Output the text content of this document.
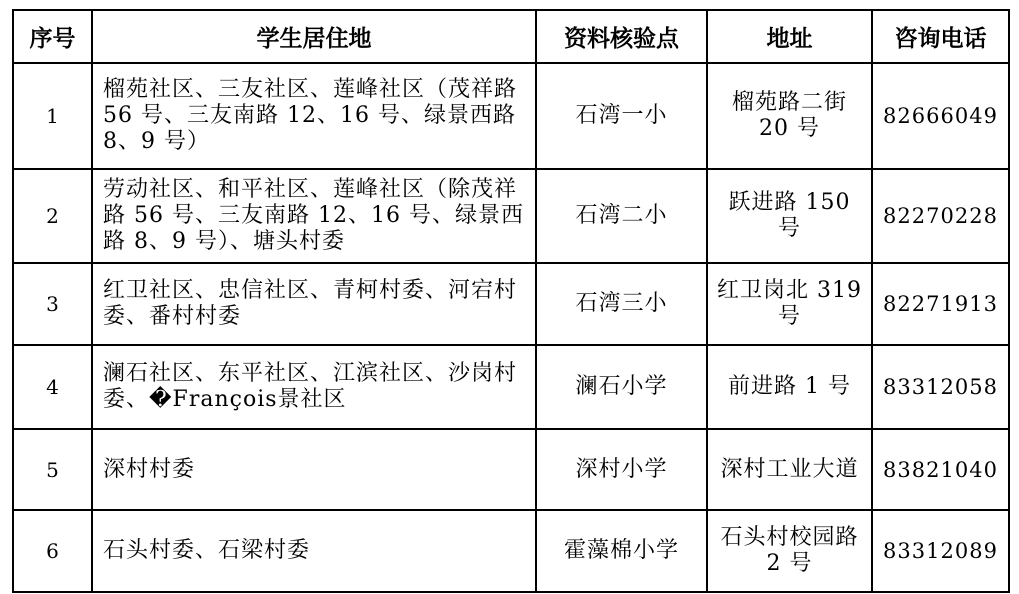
序号	学生居住地	资料核验点	地址	咨询电话
1	榴苑社区、三友社区、莲峰社区（茂祥路 56 号、三友南路 12、16 号、绿景西路 8、9 号）	石湾一小	榴苑路二街 20 号	82666049
2	劳动社区、和平社区、莲峰社区（除茂祥路 56 号、三友南路 12、16 号、绿景西路 8、9 号）、塘头村委	石湾二小	跃进路 150 号	82270228
3	红卫社区、忠信社区、青柯村委、河宕村委、番村村委	石湾三小	红卫岗北 319 号	82271913
4	澜石社区、东平社区、江滨社区、沙岗村委、�François景社区	澜石小学	前进路 1 号	83312058
5	深村村委	深村小学	深村工业大道	83821040
6	石头村委、石梁村委	霍藻棉小学	石头村校园路 2 号	83312089
